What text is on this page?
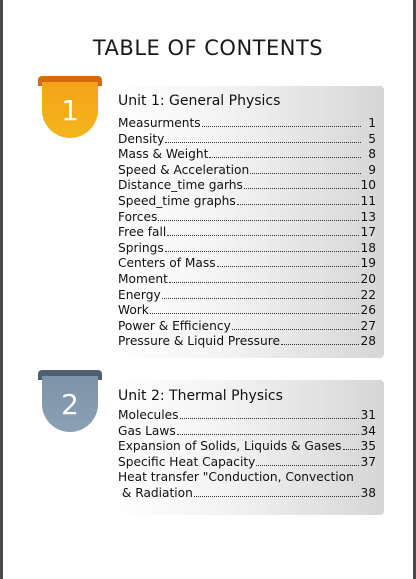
TABLE OF CONTENTS
1	Unit 1: General Physics
Measurments	1
Density	5
Mass & Weight	8
Speed & Acceleration	9
Distance_time garhs	10
Speed_time graphs	11
Forces	13
Free fall	17
Springs	18
Centers of Mass	19
Moment	20
Energy	22
Work	26
Power & Efficiency	27
Pressure & Liquid Pressure	28
2	Unit 2: Thermal Physics
Molecules	31
Gas Laws	34
Expansion of Solids, Liquids & Gases 35
Specific Heat Capacity	37
Heat transfer "Conduction, Convection
& Radiation	38
